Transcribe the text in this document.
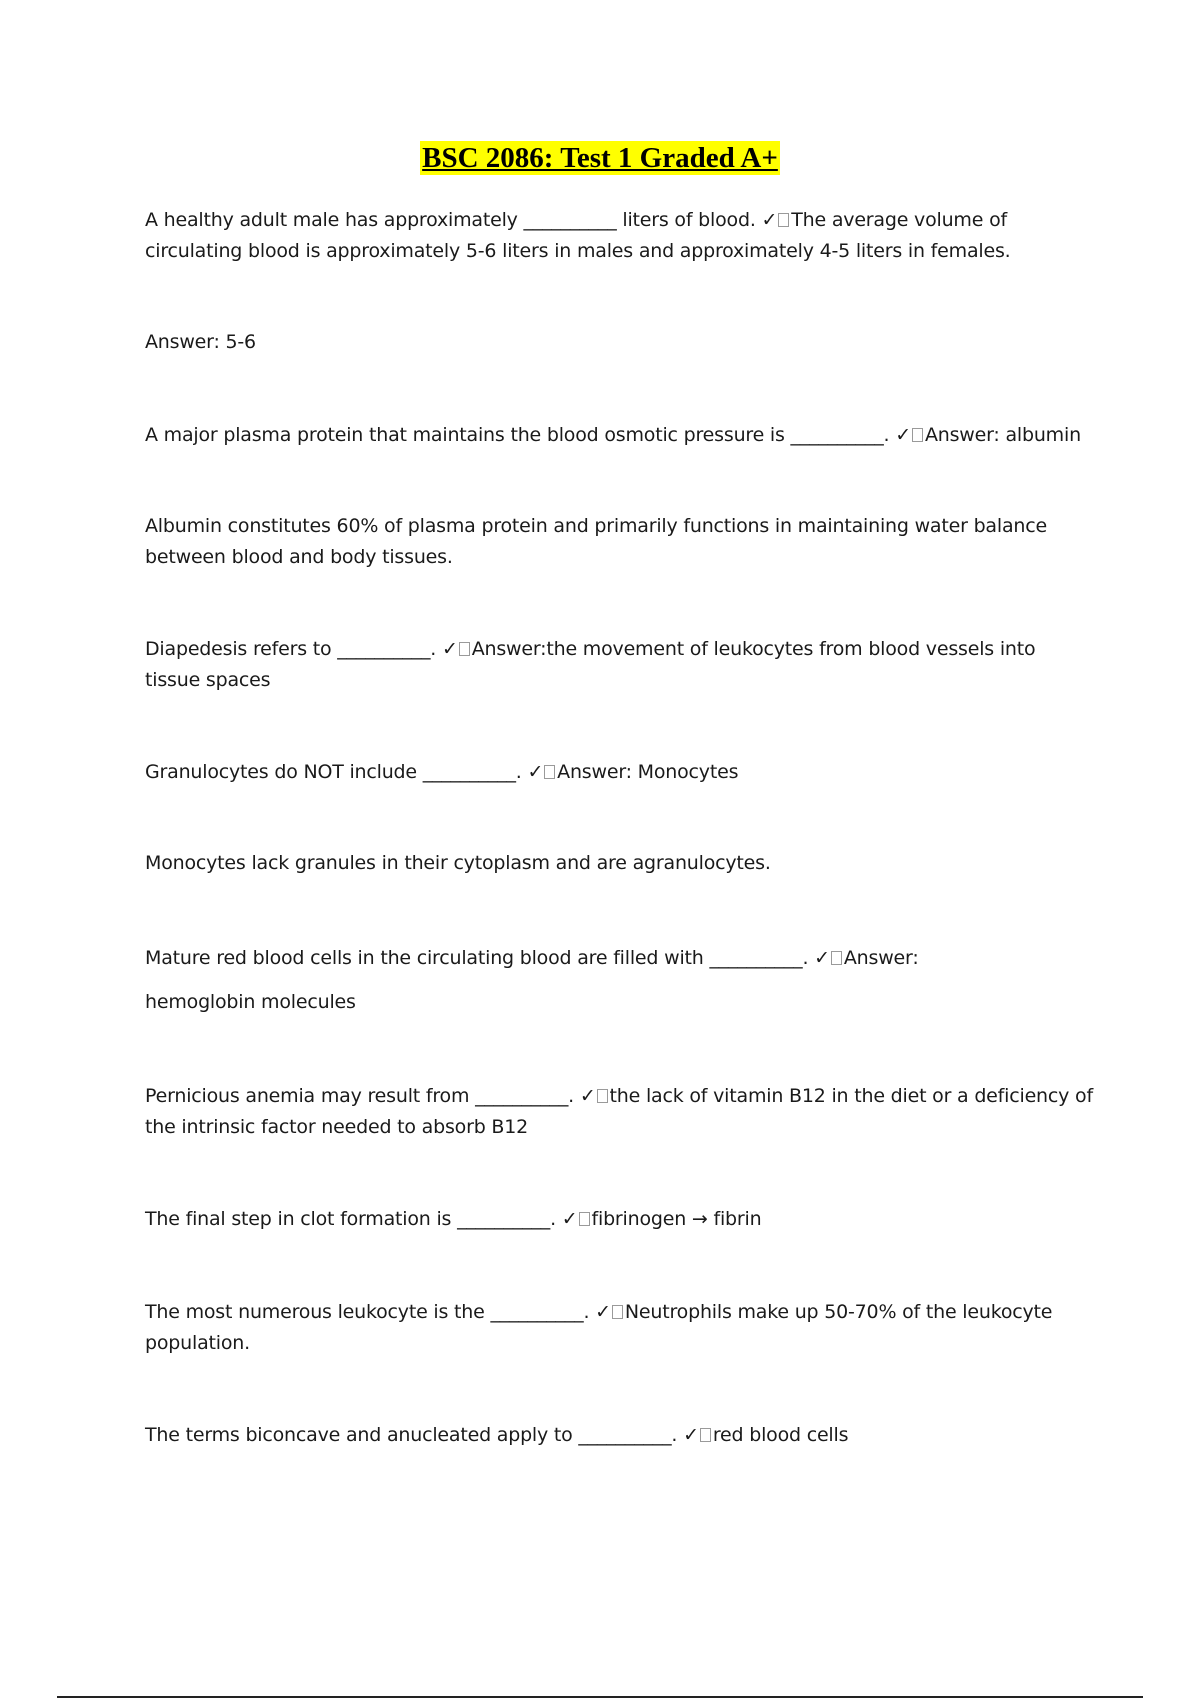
BSC 2086: Test 1 Graded A+

A healthy adult male has approximately __________ liters of blood. ✓ The average volume of circulating blood is approximately 5-6 liters in males and approximately 4-5 liters in females.

Answer: 5-6

A major plasma protein that maintains the blood osmotic pressure is __________. ✓ Answer: albumin

Albumin constitutes 60% of plasma protein and primarily functions in maintaining water balance between blood and body tissues.

Diapedesis refers to __________. ✓ Answer:the movement of leukocytes from blood vessels into tissue spaces

Granulocytes do NOT include __________. ✓ Answer: Monocytes

Monocytes lack granules in their cytoplasm and are agranulocytes.

Mature red blood cells in the circulating blood are filled with __________. ✓ Answer:

hemoglobin molecules

Pernicious anemia may result from __________. ✓ the lack of vitamin B12 in the diet or a deficiency of the intrinsic factor needed to absorb B12

The final step in clot formation is __________. ✓ fibrinogen → fibrin

The most numerous leukocyte is the __________. ✓ Neutrophils make up 50-70% of the leukocyte population.

The terms biconcave and anucleated apply to __________. ✓ red blood cells
